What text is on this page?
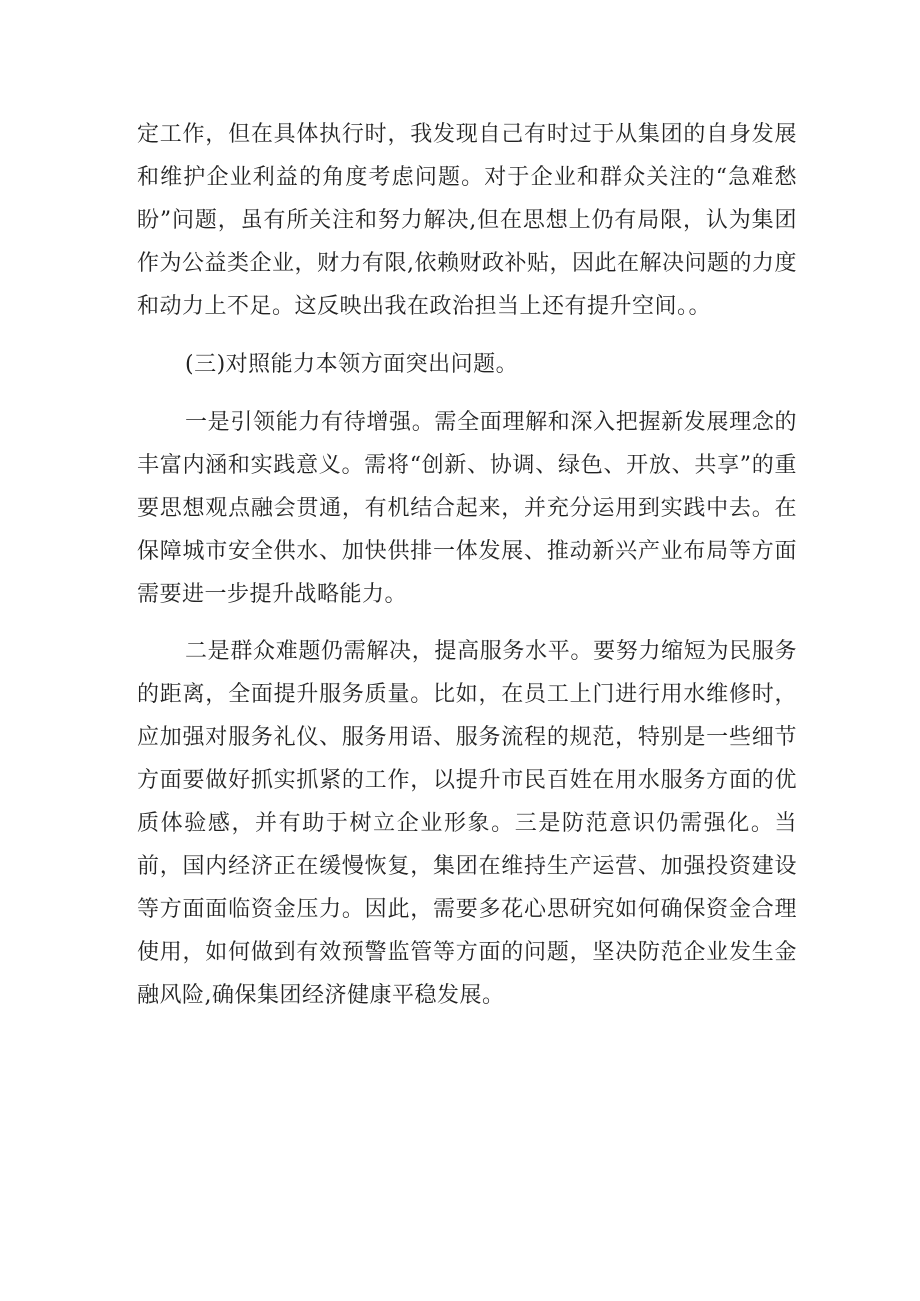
定工作，但在具体执行时，我发现自己有时过于从集团的自身发展和维护企业利益的角度考虑问题。对于企业和群众关注的“急难愁盼”问题，虽有所关注和努力解决,但在思想上仍有局限，认为集团作为公益类企业，财力有限,依赖财政补贴，因此在解决问题的力度和动力上不足。这反映出我在政治担当上还有提升空间。。

(三)对照能力本领方面突出问题。

一是引领能力有待增强。需全面理解和深入把握新发展理念的丰富内涵和实践意义。需将“创新、协调、绿色、开放、共享”的重要思想观点融会贯通，有机结合起来，并充分运用到实践中去。在保障城市安全供水、加快供排一体发展、推动新兴产业布局等方面需要进一步提升战略能力。

二是群众难题仍需解决，提高服务水平。要努力缩短为民服务的距离，全面提升服务质量。比如，在员工上门进行用水维修时，应加强对服务礼仪、服务用语、服务流程的规范，特别是一些细节方面要做好抓实抓紧的工作，以提升市民百姓在用水服务方面的优质体验感，并有助于树立企业形象。三是防范意识仍需强化。当前，国内经济正在缓慢恢复，集团在维持生产运营、加强投资建设等方面面临资金压力。因此，需要多花心思研究如何确保资金合理使用，如何做到有效预警监管等方面的问题，坚决防范企业发生金融风险,确保集团经济健康平稳发展。
